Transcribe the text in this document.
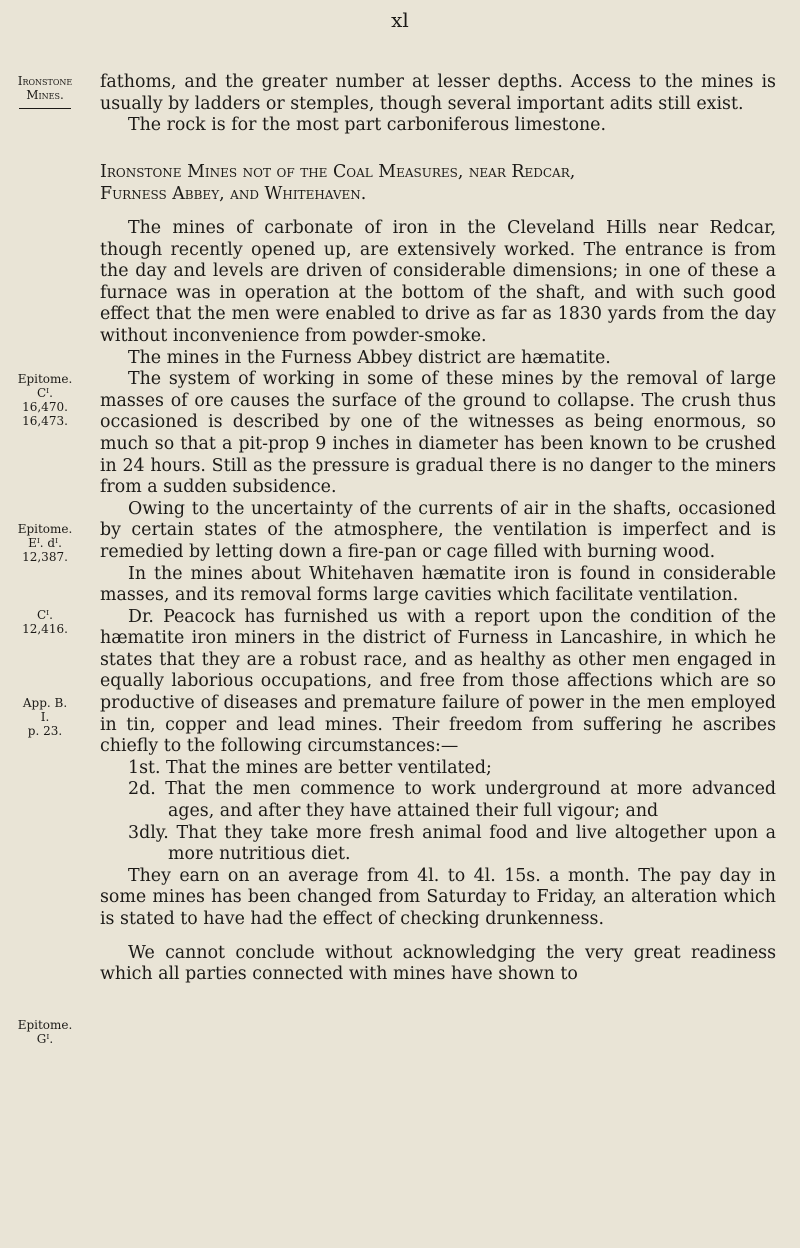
xl
Ironstone
Mines.
Epitome.
Cᴵ.
16,470.
16,473.
Epitome.
Eᴵ. dᴵ.
12,387.
Cᴵ.
12,416.
App. B.
I.
p. 23.
Epitome.
Gᴵ.

fathoms, and the greater number at lesser depths. Access to the mines is usually by ladders or stemples, though several important adits still exist.

The rock is for the most part carboniferous limestone.

Ironstone Mines not of the Coal Measures, near Redcar,

Furness Abbey, and Whitehaven.

The mines of carbonate of iron in the Cleveland Hills near Redcar, though recently opened up, are extensively worked. The entrance is from the day and levels are driven of considerable dimensions; in one of these a furnace was in operation at the bottom of the shaft, and with such good effect that the men were enabled to drive as far as 1830 yards from the day without inconvenience from powder-smoke.

The mines in the Furness Abbey district are hæmatite.

The system of working in some of these mines by the removal of large masses of ore causes the surface of the ground to collapse. The crush thus occasioned is described by one of the witnesses as being enormous, so much so that a pit-prop 9 inches in diameter has been known to be crushed in 24 hours. Still as the pressure is gradual there is no danger to the miners from a sudden subsidence.

Owing to the uncertainty of the currents of air in the shafts, occasioned by certain states of the atmosphere, the ventilation is imperfect and is remedied by letting down a fire-pan or cage filled with burning wood.

In the mines about Whitehaven hæmatite iron is found in considerable masses, and its removal forms large cavities which facilitate ventilation.

Dr. Peacock has furnished us with a report upon the condition of the hæmatite iron miners in the district of Furness in Lancashire, in which he states that they are a robust race, and as healthy as other men engaged in equally laborious occupations, and free from those affections which are so productive of diseases and premature failure of power in the men employed in tin, copper and lead mines. Their freedom from suffering he ascribes chiefly to the following circumstances:—

1st. That the mines are better ventilated;

2d. That the men commence to work underground at more advanced ages, and after they have attained their full vigour; and

3dly. That they take more fresh animal food and live altogether upon a more nutritious diet.

They earn on an average from 4l. to 4l. 15s. a month. The pay day in some mines has been changed from Saturday to Friday, an alteration which is stated to have had the effect of checking drunkenness.

We cannot conclude without acknowledging the very great readiness which all parties connected with mines have shown to
